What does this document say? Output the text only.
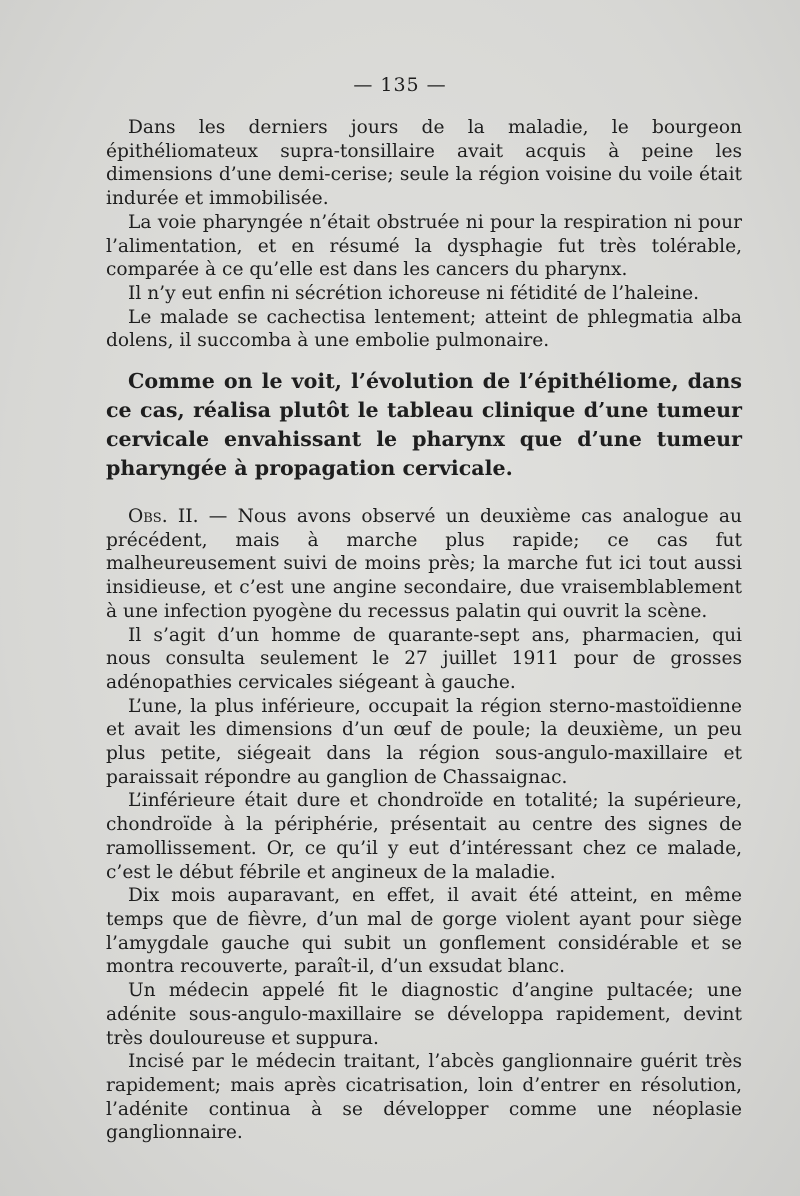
— 135 —

Dans les derniers jours de la maladie, le bourgeon épithéliomateux supra-tonsillaire avait acquis à peine les dimensions d’une demi-cerise; seule la région voisine du voile était indurée et immobilisée.

La voie pharyngée n’était obstruée ni pour la respiration ni pour l’alimentation, et en résumé la dysphagie fut très tolérable, comparée à ce qu’elle est dans les cancers du pharynx.

Il n’y eut enfin ni sécrétion ichoreuse ni fétidité de l’haleine.

Le malade se cachectisa lentement; atteint de phlegmatia alba dolens, il succomba à une embolie pulmonaire.

Comme on le voit, l’évolution de l’épithéliome, dans ce cas, réalisa plutôt le tableau clinique d’une tumeur cervicale envahissant le pharynx que d’une tumeur pharyngée à propagation cervicale.

Obs. II. — Nous avons observé un deuxième cas analogue au précédent, mais à marche plus rapide; ce cas fut malheureusement suivi de moins près; la marche fut ici tout aussi insidieuse, et c’est une angine secondaire, due vraisemblablement à une infection pyogène du recessus palatin qui ouvrit la scène.

Il s’agit d’un homme de quarante-sept ans, pharmacien, qui nous consulta seulement le 27 juillet 1911 pour de grosses adénopathies cervicales siégeant à gauche.

L’une, la plus inférieure, occupait la région sterno-mastoïdienne et avait les dimensions d’un œuf de poule; la deuxième, un peu plus petite, siégeait dans la région sous-angulo-maxillaire et paraissait répondre au ganglion de Chassaignac.

L’inférieure était dure et chondroïde en totalité; la supérieure, chondroïde à la périphérie, présentait au centre des signes de ramollissement. Or, ce qu’il y eut d’intéressant chez ce malade, c’est le début fébrile et angineux de la maladie.

Dix mois auparavant, en effet, il avait été atteint, en même temps que de fièvre, d’un mal de gorge violent ayant pour siège l’amygdale gauche qui subit un gonflement considérable et se montra recouverte, paraît-il, d’un exsudat blanc.

Un médecin appelé fit le diagnostic d’angine pultacée; une adénite sous-angulo-maxillaire se développa rapidement, devint très douloureuse et suppura.

Incisé par le médecin traitant, l’abcès ganglionnaire guérit très rapidement; mais après cicatrisation, loin d’entrer en résolution, l’adénite continua à se développer comme une néoplasie ganglionnaire.
